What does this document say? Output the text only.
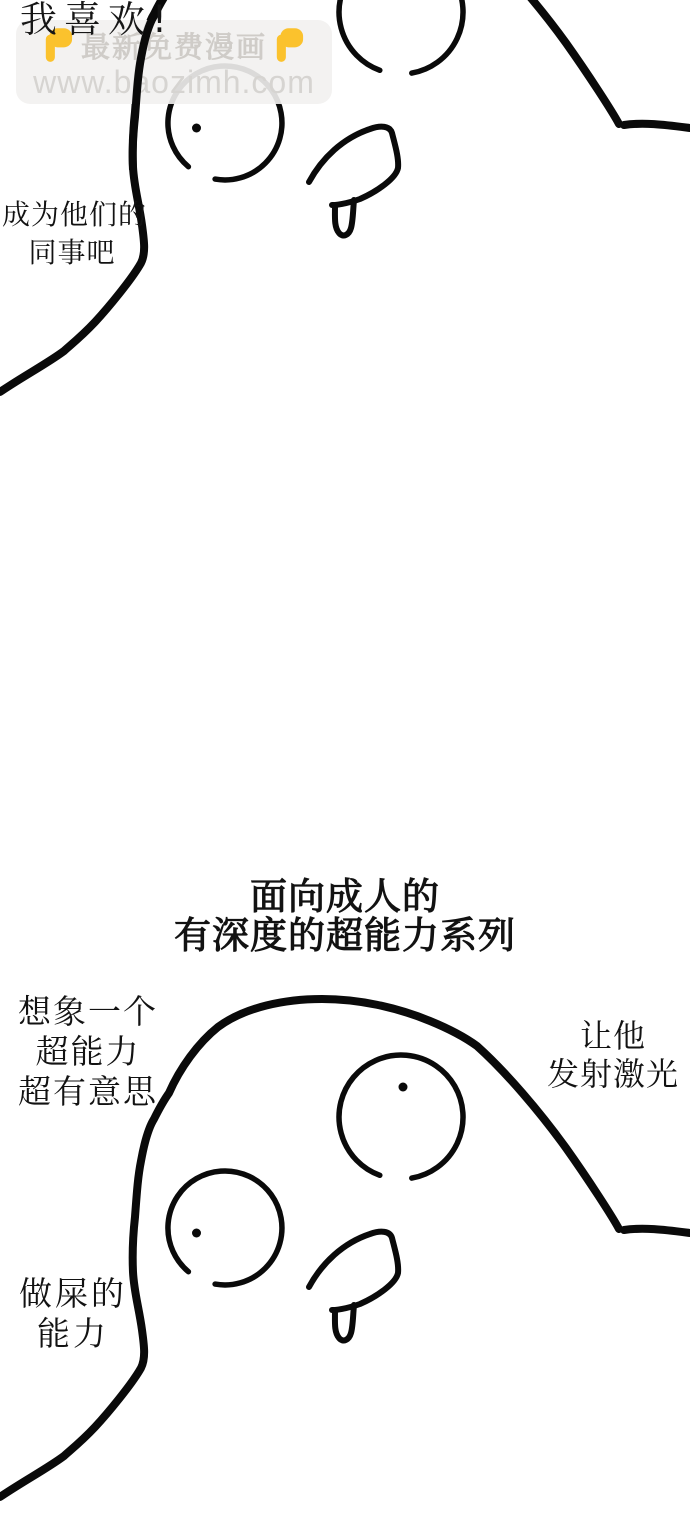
最新免费漫画
www.baozimh.com
我喜欢!
成为他们的
同事吧
面向成人的
有深度的超能力系列
想象一个
超能力
超有意思
让他
发射激光
做屎的
能力
